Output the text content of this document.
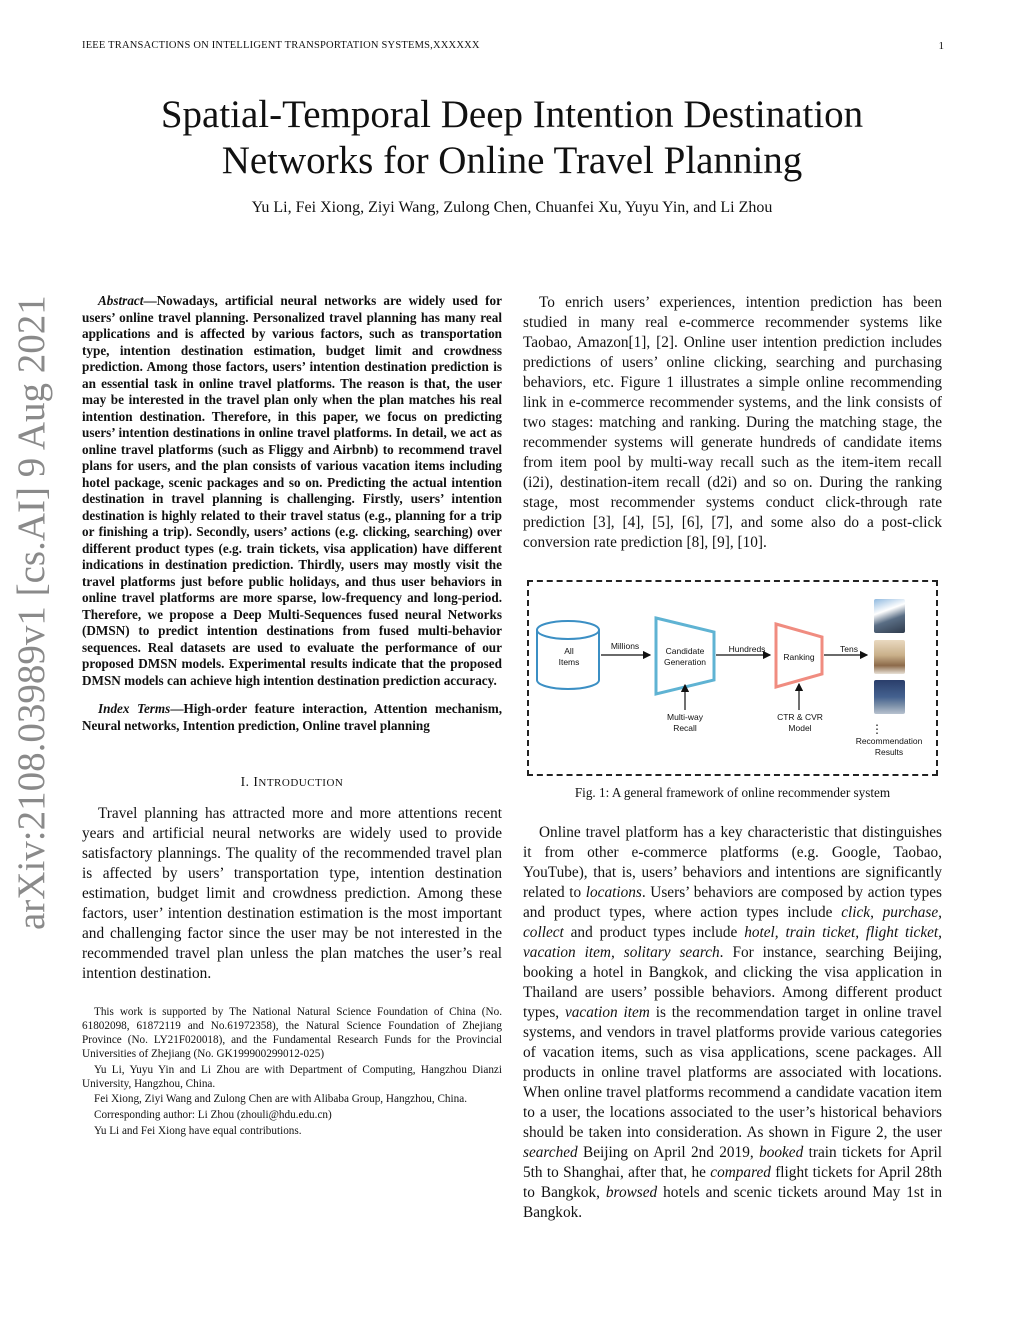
IEEE TRANSACTIONS ON INTELLIGENT TRANSPORTATION SYSTEMS,XXXXXX	1
Spatial-Temporal Deep Intention Destination
Networks for Online Travel Planning
Yu Li, Fei Xiong, Ziyi Wang, Zulong Chen, Chuanfei Xu, Yuyu Yin, and Li Zhou
arXiv:2108.03989v1 [cs.AI] 9 Aug 2021	Abstract—Nowadays, artificial neural networks are widely used for users’ online travel planning. Personalized travel planning has many real applications and is affected by various factors, such as transportation type, intention destination estimation, budget limit and crowdness prediction. Among those factors, users’ intention destination prediction is an essential task in online travel platforms. The reason is that, the user may be interested in the travel plan only when the plan matches his real intention destination. Therefore, in this paper, we focus on predicting users’ intention destinations in online travel platforms. In detail, we act as online travel platforms (such as Fliggy and Airbnb) to recommend travel plans for users, and the plan consists of various vacation items including hotel package, scenic packages and so on. Predicting the actual intention destination in travel planning is challenging. Firstly, users’ intention destination is highly related to their travel status (e.g., planning for a trip or finishing a trip). Secondly, users’ actions (e.g. clicking, searching) over different product types (e.g. train tickets, visa application) have different indications in destination prediction. Thirdly, users may mostly visit the travel platforms just before public holidays, and thus user behaviors in online travel platforms are more sparse, low-frequency and long-period. Therefore, we propose a Deep Multi-Sequences fused neural Networks (DMSN) to predict intention destinations from fused multi-behavior sequences. Real datasets are used to evaluate the performance of our proposed DMSN models. Experimental results indicate that the proposed DMSN models can achieve high intention destination prediction accuracy.

Index Terms—High-order feature interaction, Attention mechanism, Neural networks, Intention prediction, Online travel planning

I. INTRODUCTION

Travel planning has attracted more and more attentions recent years and artificial neural networks are widely used to provide satisfactory plannings. The quality of the recommended travel plan is affected by users’ transportation type, intention destination estimation, budget limit and crowdness prediction. Among these factors, user’ intention destination estimation is the most important and challenging factor since the user may be not interested in the recommended travel plan unless the plan matches the user’s real intention destination.

This work is supported by The National Natural Science Foundation of China (No. 61802098, 61872119 and No.61972358), the Natural Science Foundation of Zhejiang Province (No. LY21F020018), and the Fundamental Research Funds for the Provincial Universities of Zhejiang (No. GK199900299012-025)

Yu Li, Yuyu Yin and Li Zhou are with Department of Computing, Hangzhou Dianzi University, Hangzhou, China.

Fei Xiong, Ziyi Wang and Zulong Chen are with Alibaba Group, Hangzhou, China.

Corresponding author: Li Zhou (zhouli@hdu.edu.cn)

Yu Li and Fei Xiong have equal contributions.

To enrich users’ experiences, intention prediction has been studied in many real e-commerce recommender systems like Taobao, Amazon[1], [2]. Online user intention prediction includes predictions of users’ online clicking, searching and purchasing behaviors, etc. Figure 1 illustrates a simple online recommending link in e-commerce recommender systems, and the link consists of two stages: matching and ranking. During the matching stage, the recommender systems will generate hundreds of candidate items from item pool by multi-way recall such as the item-item recall (i2i), destination-item recall (d2i) and so on. During the ranking stage, most recommender systems conduct click-through rate prediction [3], [4], [5], [6], [7], and some also do a post-click conversion rate prediction [8], [9], [10].

All
Items
Millions	Candidate
Generation
Hundreds
Ranking
Tens
Multi-way
Recall
CTR & CVR
Model	⋮
Recommendation
Results
Fig. 1: A general framework of online recommender system

Online travel platform has a key characteristic that distinguishes it from other e-commerce platforms (e.g. Google, Taobao, YouTube), that is, users’ behaviors and intentions are significantly related to locations. Users’ behaviors are composed by action types and product types, where action types include click, purchase, collect and product types include hotel, train ticket, flight ticket, vacation item, solitary search. For instance, searching Beijing, booking a hotel in Bangkok, and clicking the visa application in Thailand are users’ possible behaviors. Among different product types, vacation item is the recommendation target in online travel systems, and vendors in travel platforms provide various categories of vacation items, such as visa applications, scene packages. All products in online travel platforms are associated with locations. When online travel platforms recommend a candidate vacation item to a user, the locations associated to the user’s historical behaviors should be taken into consideration. As shown in Figure 2, the user searched Beijing on April 2nd 2019, booked train tickets for April 5th to Shanghai, after that, he compared flight tickets for April 28th to Bangkok, browsed hotels and scenic tickets around May 1st in Bangkok.
